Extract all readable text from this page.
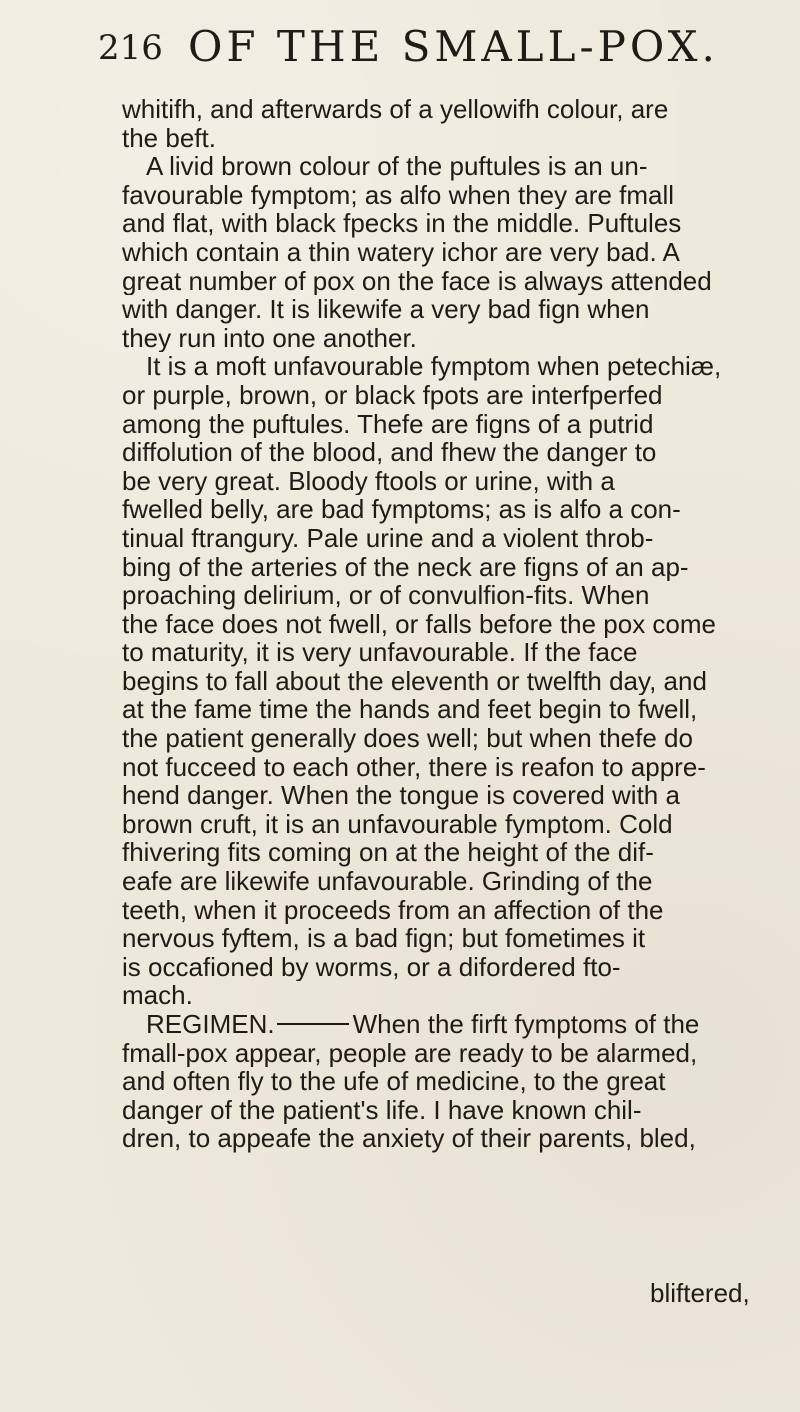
216 OF THE SMALL-POX.
whitifh, and afterwards of a yellowifh colour, are
the beft.
A livid brown colour of the puftules is an un-
favourable fymptom; as alfo when they are fmall
and flat, with black fpecks in the middle. Puftules
which contain a thin watery ichor are very bad. A
great number of pox on the face is always attended
with danger. It is likewife a very bad fign when
they run into one another.
It is a moft unfavourable fymptom when petechiæ,
or purple, brown, or black fpots are interfperfed
among the puftules. Thefe are figns of a putrid
diffolution of the blood, and fhew the danger to
be very great. Bloody ftools or urine, with a
fwelled belly, are bad fymptoms; as is alfo a con-
tinual ftrangury. Pale urine and a violent throb-
bing of the arteries of the neck are figns of an ap-
proaching delirium, or of convulfion-fits. When
the face does not fwell, or falls before the pox come
to maturity, it is very unfavourable. If the face
begins to fall about the eleventh or twelfth day, and
at the fame time the hands and feet begin to fwell,
the patient generally does well; but when thefe do
not fucceed to each other, there is reafon to appre-
hend danger. When the tongue is covered with a
brown cruft, it is an unfavourable fymptom. Cold
fhivering fits coming on at the height of the dif-
eafe are likewife unfavourable. Grinding of the
teeth, when it proceeds from an affection of the
nervous fyftem, is a bad fign; but fometimes it
is occafioned by worms, or a difordered fto-
mach.
REGIMEN.	When the firft fymptoms of the
fmall-pox appear, people are ready to be alarmed,
and often fly to the ufe of medicine, to the great
danger of the patient's life. I have known chil-
dren, to appeafe the anxiety of their parents, bled,
bliftered,
